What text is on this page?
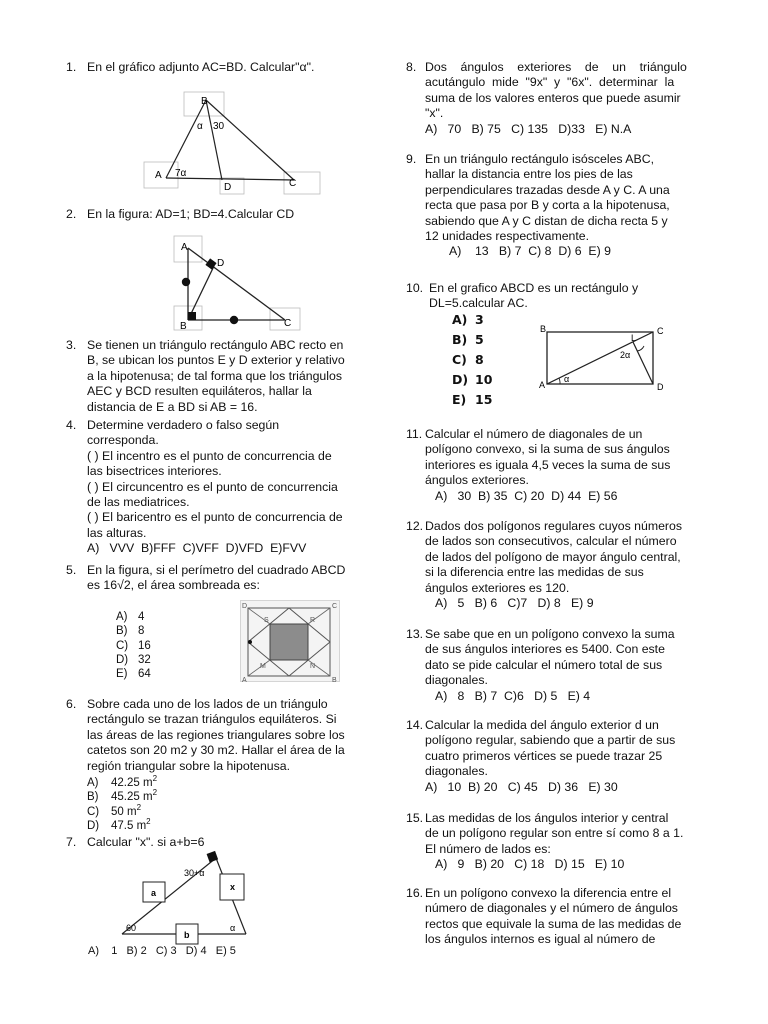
1. En el gráfico adjunto AC=BD. Calcular"α".
B
α 30
A 7α
D	C
2. En la figura: AD=1; BD=4.Calcular CD
A
D
B	C
3. Se tienen un triángulo rectángulo ABC recto en
B, se ubican los puntos E y D exterior y relativo
a la hipotenusa; de tal forma que los triángulos
AEC y BCD resulten equiláteros, hallar la
distancia de E a BD si AB = 16.
4. Determine verdadero o falso según
corresponda.
( ) El incentro es el punto de concurrencia de
las bisectrices interiores.
( ) El circuncentro es el punto de concurrencia
de las mediatrices.
( ) El baricentro es el punto de concurrencia de
las alturas.
A)   VVV  B)FFF  C)VFF  D)VFD  E)FVV
5. En la figura, si el perímetro del cuadrado ABCD
es 16√2, el área sombreada es:
A) 4
B) 8
C) 16
D) 32
E) 64
D	C
A	B
S	R
M	N
6. Sobre cada uno de los lados de un triángulo
rectángulo se trazan triángulos equiláteros. Si
las áreas de las regiones triangulares sobre los
catetos son 20 m2 y 30 m2. Hallar el área de la
región triangular sobre la hipotenusa.
A) 42.25 $m^2$
B) 45.25 $m^2$
C) 50 $m^2$
D) 47.5 $m^2$
7. Calcular "x". si a+b=6
a
x
b
30+α
60	α
A)    1   B) 2   C) 3   D) 4   E) 5
8. Dos    ángulos    exteriores    de    un    triángulo
acutángulo  mide  "9x"  y  "6x".  determinar  la
suma de los valores enteros que puede asumir
"x".
A)   70   B) 75   C) 135   D)33   E) N.A
9. En un triángulo rectángulo isósceles ABC,
hallar la distancia entre los pies de las
perpendiculares trazadas desde A y C. A una
recta que pasa por B y corta a la hipotenusa,
sabiendo que A y C distan de dicha recta 5 y
12 unidades respectivamente.
A)    13   B) 7  C) 8  D) 6  E) 9
10. En el grafico ABCD es un rectángulo y
DL=5.calcular AC.
A) 3
B) 5
C) 8
D) 10
E) 15
B	C
A	D
L
2α
α
11. Calcular el número de diagonales de un
polígono convexo, si la suma de sus ángulos
interiores es iguala 4,5 veces la suma de sus
ángulos exteriores.
A)   30  B) 35  C) 20  D) 44  E) 56
12. Dados dos polígonos regulares cuyos números
de lados son consecutivos, calcular el número
de lados del polígono de mayor ángulo central,
si la diferencia entre las medidas de sus
ángulos exteriores es 120.
A)   5   B) 6   C)7   D) 8   E) 9
13. Se sabe que en un polígono convexo la suma
de sus ángulos interiores es 5400. Con este
dato se pide calcular el número total de sus
diagonales.
A)   8   B) 7  C)6   D) 5   E) 4
14. Calcular la medida del ángulo exterior d un
polígono regular, sabiendo que a partir de sus
cuatro primeros vértices se puede trazar 25
diagonales.
A)   10  B) 20   C) 45   D) 36   E) 30
15. Las medidas de los ángulos interior y central
de un polígono regular son entre sí como 8 a 1.
El número de lados es:
A)   9   B) 20   C) 18   D) 15   E) 10
16. En un polígono convexo la diferencia entre el
número de diagonales y el número de ángulos
rectos que equivale la suma de las medidas de
los ángulos internos es igual al número de
